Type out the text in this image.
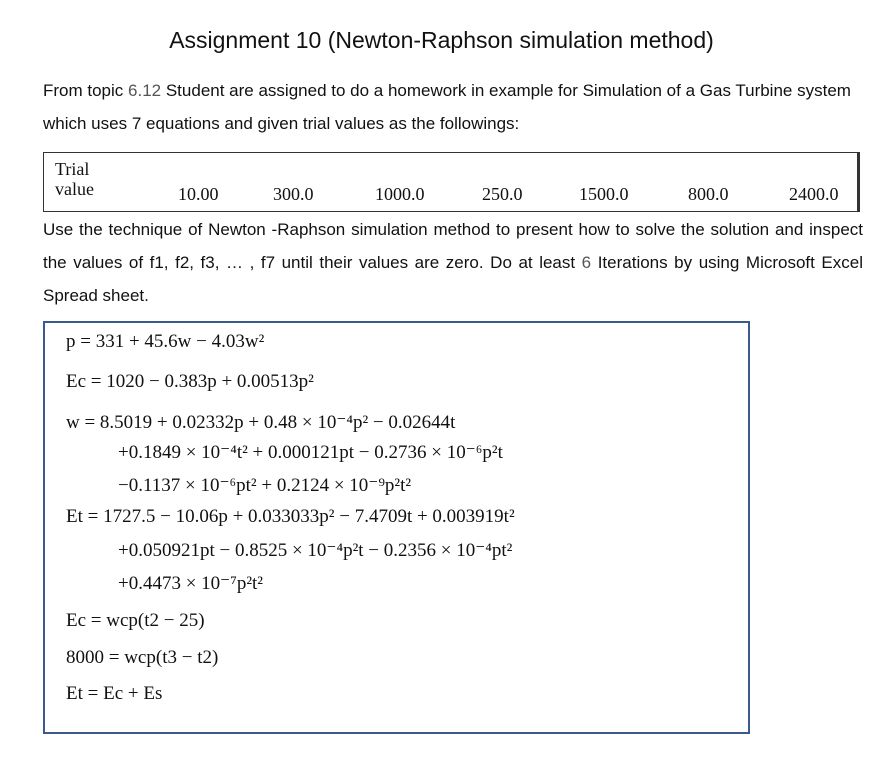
Assignment 10 (Newton-Raphson simulation method)
From topic 6.12 Student are assigned to do a homework in example for Simulation of a Gas Turbine system which uses 7 equations and given trial values as the followings:
Trial
value	10.00	300.0	1000.0	250.0	1500.0	800.0	2400.0
Use the technique of Newton -Raphson simulation method to present how to solve the solution and inspect the values of f1, f2, f3, … , f7 until their values are zero. Do at least 6 Iterations by using Microsoft Excel Spread sheet.
p = 331 + 45.6w − 4.03w²
Ec = 1020 − 0.383p + 0.00513p²
w = 8.5019 + 0.02332p + 0.48 × 10⁻⁴p² − 0.02644t
+0.1849 × 10⁻⁴t² + 0.000121pt − 0.2736 × 10⁻⁶p²t
−0.1137 × 10⁻⁶pt² + 0.2124 × 10⁻⁹p²t²
Et = 1727.5 − 10.06p + 0.033033p² − 7.4709t + 0.003919t²
+0.050921pt − 0.8525 × 10⁻⁴p²t − 0.2356 × 10⁻⁴pt²
+0.4473 × 10⁻⁷p²t²
Ec = wcp(t2 − 25)
8000 = wcp(t3 − t2)
Et = Ec + Es
